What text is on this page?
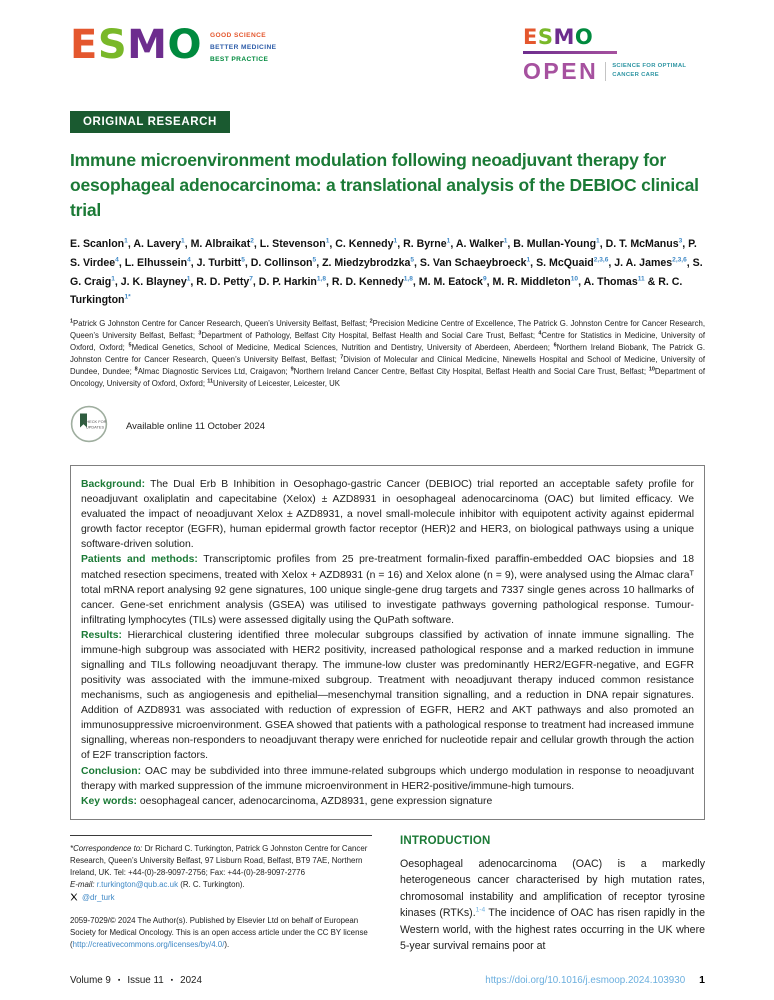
ESMO GOOD SCIENCE
BETTER MEDICINE
BEST PRACTICE
ESMO
OPEN	SCIENCE FOR OPTIMAL
CANCER CARE
ORIGINAL RESEARCH
Immune microenvironment modulation following neoadjuvant therapy for oesophageal adenocarcinoma: a translational analysis of the DEBIOC clinical trial

E. Scanlon$^1$, A. Lavery$^1$, M. Albraikat$^2$, L. Stevenson$^1$, C. Kennedy$^1$, R. Byrne$^1$, A. Walker$^1$, B. Mullan-Young$^1$, D. T. McManus$^3$, P. S. Virdee$^4$, L. Elhussein$^4$, J. Turbitt$^5$, D. Collinson$^5$, Z. Miedzybrodzka$^5$, S. Van Schaeybroeck$^1$, S. McQuaid$^{2,3,6}$, J. A. James$^{2,3,6}$, S. G. Craig$^1$, J. K. Blayney$^1$, R. D. Petty$^7$, D. P. Harkin$^{1,8}$, R. D. Kennedy$^{1,8}$, M. M. Eatock$^9$, M. R. Middleton$^{10}$, A. Thomas$^{11}$ & R. C. Turkington$^{1*}$

$^1$Patrick G Johnston Centre for Cancer Research, Queen’s University Belfast, Belfast; $^2$Precision Medicine Centre of Excellence, The Patrick G. Johnston Centre for Cancer Research, Queen’s University Belfast, Belfast; $^3$Department of Pathology, Belfast City Hospital, Belfast Health and Social Care Trust, Belfast; $^4$Centre for Statistics in Medicine, University of Oxford, Oxford; $^5$Medical Genetics, School of Medicine, Medical Sciences, Nutrition and Dentistry, University of Aberdeen, Aberdeen; $^6$Northern Ireland Biobank, The Patrick G. Johnston Centre for Cancer Research, Queen’s University Belfast, Belfast; $^7$Division of Molecular and Clinical Medicine, Ninewells Hospital and School of Medicine, University of Dundee, Dundee; $^8$Almac Diagnostic Services Ltd, Craigavon; $^9$Northern Ireland Cancer Centre, Belfast City Hospital, Belfast Health and Social Care Trust, Belfast; $^{10}$Department of Oncology, University of Oxford, Oxford; $^{11}$University of Leicester, Leicester, UK

CHECK FOR
UPDATES Available online 11 October 2024

Background: The Dual Erb B Inhibition in Oesophago-gastric Cancer (DEBIOC) trial reported an acceptable safety profile for neoadjuvant oxaliplatin and capecitabine (Xelox) ± AZD8931 in oesophageal adenocarcinoma (OAC) but limited efficacy. We evaluated the impact of neoadjuvant Xelox ± AZD8931, a novel small-molecule inhibitor with equipotent activity against epidermal growth factor receptor (EGFR), human epidermal growth factor receptor (HER)2 and HER3, on biological pathways using a unique software-driven solution.

Patients and methods: Transcriptomic profiles from 25 pre-treatment formalin-fixed paraffin-embedded OAC biopsies and 18 matched resection specimens, treated with Xelox + AZD8931 (n = 16) and Xelox alone (n = 9), were analysed using the Almac claraᵀ total mRNA report analysing 92 gene signatures, 100 unique single-gene drug targets and 7337 single genes across 10 hallmarks of cancer. Gene-set enrichment analysis (GSEA) was utilised to investigate pathways governing pathological response. Tumour-infiltrating lymphocytes (TILs) were assessed digitally using the QuPath software.

Results: Hierarchical clustering identified three molecular subgroups classified by activation of innate immune signalling. The immune-high subgroup was associated with HER2 positivity, increased pathological response and a marked reduction in immune signalling and TILs following neoadjuvant therapy. The immune-low cluster was predominantly HER2/EGFR-negative, and EGFR positivity was associated with the immune-mixed subgroup. Treatment with neoadjuvant therapy induced common resistance mechanisms, such as angiogenesis and epithelial—mesenchymal transition signalling, and a reduction in DNA repair signatures. Addition of AZD8931 was associated with reduction of expression of EGFR, HER2 and AKT pathways and also promoted an immunosuppressive microenvironment. GSEA showed that patients with a pathological response to treatment had increased immune signalling, whereas non-responders to neoadjuvant therapy were enriched for nucleotide repair and cellular growth through the action of E2F transcription factors.

Conclusion: OAC may be subdivided into three immune-related subgroups which undergo modulation in response to neoadjuvant therapy with marked suppression of the immune microenvironment in HER2-positive/immune-high tumours.

Key words: oesophageal cancer, adenocarcinoma, AZD8931, gene expression signature

*Correspondence to: Dr Richard C. Turkington, Patrick G Johnston Centre for Cancer Research, Queen’s University Belfast, 97 Lisburn Road, Belfast, BT9 7AE, Northern Ireland, UK. Tel: +44-(0)-28-9097-2756; Fax: +44-(0)-28-9097-2776

E-mail: r.turkington@qub.ac.uk (R. C. Turkington).

@dr_turk

2059-7029/© 2024 The Author(s). Published by Elsevier Ltd on behalf of European Society for Medical Oncology. This is an open access article under the CC BY license (http://creativecommons.org/licenses/by/4.0/).

INTRODUCTION

Oesophageal adenocarcinoma (OAC) is a markedly heterogeneous cancer characterised by high mutation rates, chromosomal instability and amplification of receptor tyrosine kinases (RTKs).$^{1-4}$ The incidence of OAC has risen rapidly in the Western world, with the highest rates occurring in the UK where 5-year survival remains poor at

Volume 9 ▪ Issue 11 ▪ 2024	https://doi.org/10.1016/j.esmoop.2024.103930 1
